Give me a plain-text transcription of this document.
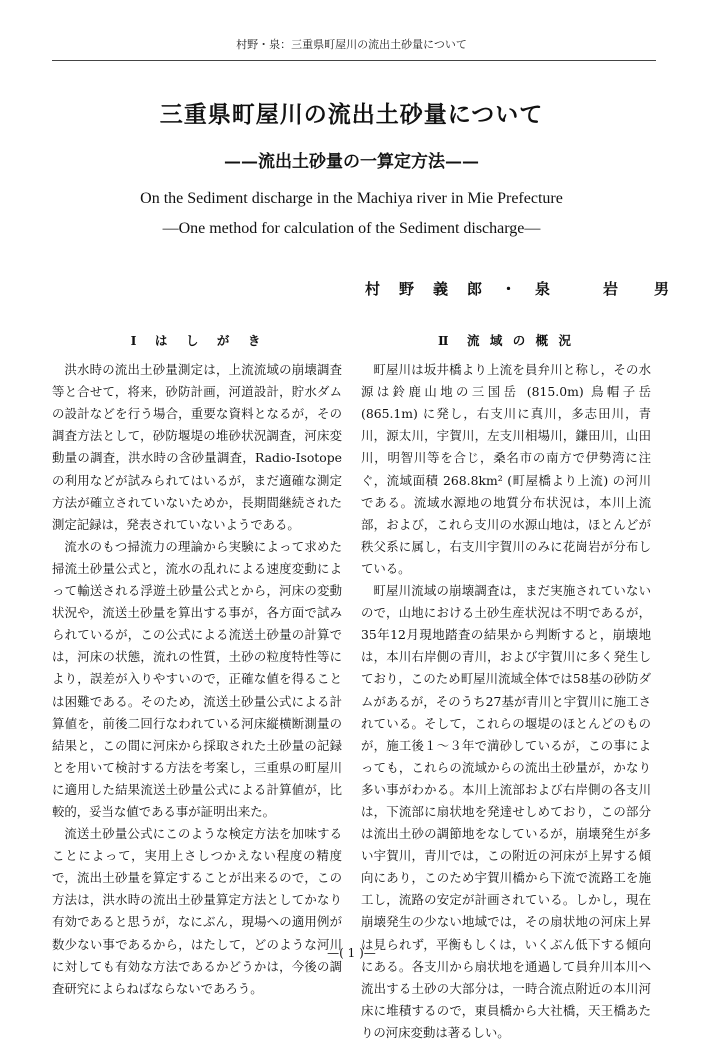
村野・泉：三重県町屋川の流出土砂量について
三重県町屋川の流出土砂量について
——流出土砂量の一算定方法——
On the Sediment discharge in the Machiya river in Mie Prefecture
—One method for calculation of the Sediment discharge—
村　野　義　郎　・　泉　　　岩　　男
Ⅰ　は　し　が　き

洪水時の流出土砂量測定は，上流流域の崩壊調査等と合せて，将来，砂防計画，河道設計，貯水ダムの設計などを行う場合，重要な資料となるが，その調査方法として，砂防堰堤の堆砂状況調査，河床変動量の調査，洪水時の含砂量調査，Radio-Isotope の利用などが試みられてはいるが，まだ適確な測定方法が確立されていないためか，長期間継続された測定記録は，発表されていないようである。

流水のもつ掃流力の理論から実験によって求めた掃流土砂量公式と，流水の乱れによる速度変動によって輸送される浮遊土砂量公式とから，河床の変動状況や，流送土砂量を算出する事が，各方面で試みられているが，この公式による流送土砂量の計算では，河床の状態，流れの性質，土砂の粒度特性等により，誤差が入りやすいので，正確な値を得ることは困難である。そのため，流送土砂量公式による計算値を，前後二回行なわれている河床縦横断測量の結果と，この間に河床から採取された土砂量の記録とを用いて検討する方法を考案し，三重県の町屋川に適用した結果流送土砂量公式による計算値が，比較的，妥当な値である事が証明出来た。

流送土砂量公式にこのような検定方法を加味することによって，実用上さしつかえない程度の精度で，流出土砂量を算定することが出来るので，この方法は，洪水時の流出土砂量算定方法としてかなり有効であると思うが，なにぶん，現場への適用例が数少ない事であるから，はたして，どのような河川に対しても有効な方法であるかどうかは，今後の調査研究によらねばならないであろう。

Ⅱ　流 域 の 概 況

町屋川は坂井橋より上流を員弁川と称し，その水源は鈴鹿山地の三国岳 (815.0m) 鳥帽子岳 (865.1m) に発し，右支川に真川，多志田川，青川，源太川，宇賀川，左支川相場川，鎌田川，山田川，明智川等を合じ，桑名市の南方で伊勢湾に注ぐ，流域面積 268.8km² (町屋橋より上流) の河川である。流域水源地の地質分布状況は，本川上流部，および，これら支川の水源山地は，ほとんどが秩父系に属し，右支川宇賀川のみに花崗岩が分布している。

町屋川流域の崩壊調査は，まだ実施されていないので，山地における土砂生産状況は不明であるが，35年12月現地踏査の結果から判断すると，崩壊地は，本川右岸側の青川，および宇賀川に多く発生しており，このため町屋川流域全体では58基の砂防ダムがあるが，そのうち27基が青川と宇賀川に施工されている。そして，これらの堰堤のほとんどのものが，施工後１～３年で満砂しているが，この事によっても，これらの流域からの流出土砂量が，かなり多い事がわかる。本川上流部および右岸側の各支川は，下流部に扇状地を発達せしめており，この部分は流出土砂の調節地をなしているが，崩壊発生が多い宇賀川，青川では，この附近の河床が上昇する傾向にあり，このため宇賀川橋から下流で流路工を施工し，流路の安定が計画されている。しかし，現在崩壊発生の少ない地域では，その扇状地の河床上昇は見られず，平衡もしくは，いくぶん低下する傾向にある。各支川から扇状地を通過して員弁川本川へ流出する土砂の大部分は，一時合流点附近の本川河床に堆積するので，東員橋から大社橋，天王橋あたりの河床変動は著るしい。

—( 1 )—
